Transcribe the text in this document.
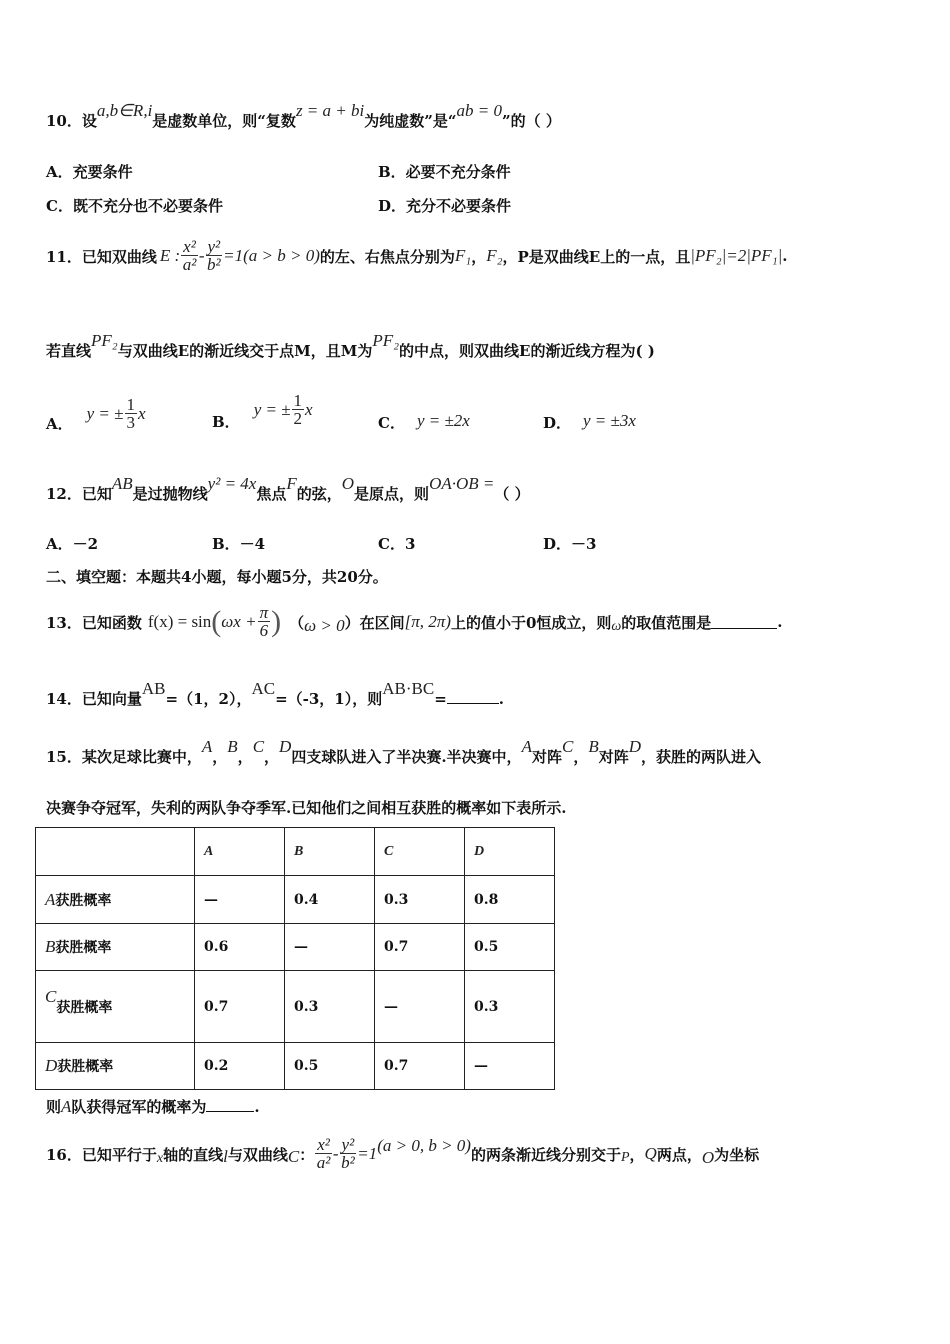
10．设a,b∈R,i是虚数单位，则“复数z = a + bi为纯虚数”是“ab = 0”的（ ）
A．充要条件	B．必要不充分条件
C．既不充分也不必要条件	D．充分不必要条件
11．已知双曲线 E : $\frac{\text{x²}}{\text{a²}} - \frac{\text{y²}}{\text{b²}} =1(a > b > 0)$ 的左、右焦点分别为 F₁ ， F₂ ，P是双曲线E上的一点，且 |PF₂|=2|PF₁| .
若直线PF₂与双曲线E的渐近线交于点M，且M为PF₂的中点，则双曲线E的渐近线方程为( )
A．
y = ± $\frac{1}{3}$ x	B．
y = ± $\frac{1}{2}$ x
C． y = ±2x	D． y = ±3x
12．已知AB是过抛物线y² = 4x焦点F的弦，O是原点，则OA·OB =（ ）
A．－2	B．－4	C．3	D．－3
二、填空题：本题共4小题，每小题5分，共20分。
13．已知函数 f(x) = sin ( $\omega x + \frac{\pi}{6}$ ) （ ω > 0 ）在区间 [π, 2π) 上的值小于0恒成立，则 ω 的取值范围是	.
14．已知向量AB=（1，2），AC=（-3，1），则AB·BC=	.
15．某次足球比赛中，A，B，C，D四支球队进入了半决赛.半决赛中，A对阵C，B对阵D，获胜的两队进入
决赛争夺冠军，失利的两队争夺季军.已知他们之间相互获胜的概率如下表所示.
	A	B	C	D
A获胜概率	—	0.4	0.3	0.8
B获胜概率	0.6	—	0.7	0.5
C获胜概率	0.7	0.3	—	0.3
D获胜概率	0.2	0.5	0.7	—
则A队获得冠军的概率为	.
16．已知平行于 x 轴的直线 l 与双曲线 C ： $\frac{\text{x²}}{\text{a²}} - \frac{\text{y²}}{\text{b²}} =1$ (a > 0, b > 0) 的两条渐近线分别交于 P ， Q 两点， O 为坐标
